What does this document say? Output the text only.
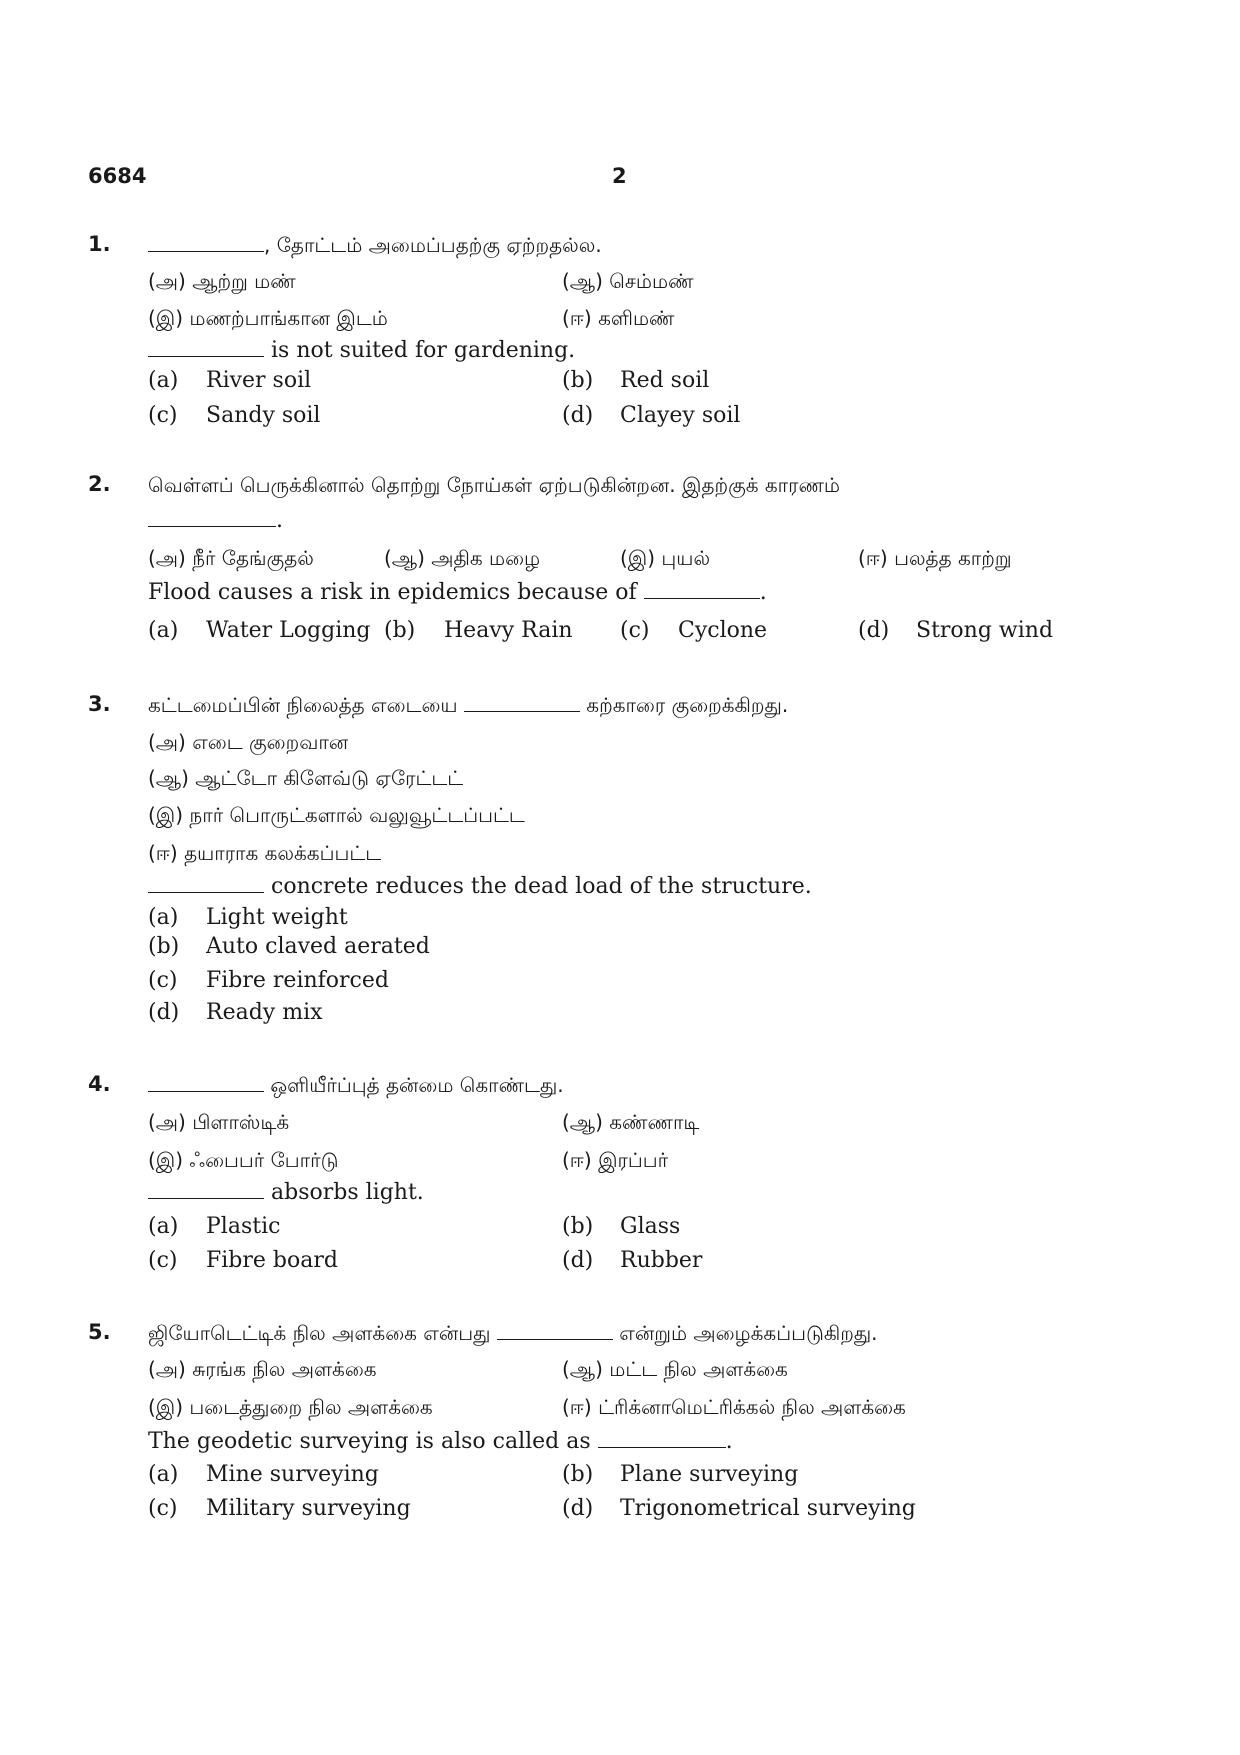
6684	2
1.	, தோட்டம் அமைப்பதற்கு ஏற்றதல்ல.
(அ) ஆற்று மண்	(ஆ) செம்மண்
(இ) மணற்பாங்கான இடம்	(ஈ) களிமண்
is not suited for gardening.
(a) River soil	(b) Red soil
(c) Sandy soil	(d) Clayey soil
2. வெள்ளப் பெருக்கினால் தொற்று நோய்கள் ஏற்படுகின்றன. இதற்குக் காரணம்
.
(அ) நீர் தேங்குதல்	(ஆ) அதிக மழை	(இ) புயல்	(ஈ) பலத்த காற்று
Flood causes a risk in epidemics because of	.
(a) Water Logging (b) Heavy Rain (c) Cyclone	(d) Strong wind
3. கட்டமைப்பின் நிலைத்த எடையை	கற்காரை குறைக்கிறது.
(அ) எடை குறைவான
(ஆ) ஆட்டோ கிளேவ்டு ஏரேட்டட்
(இ) நார் பொருட்களால் வலுவூட்டப்பட்ட
(ஈ) தயாராக கலக்கப்பட்ட
concrete reduces the dead load of the structure.
(a) Light weight
(b) Auto claved aerated
(c) Fibre reinforced
(d) Ready mix
4.	ஒளியீர்ப்புத் தன்மை கொண்டது.
(அ) பிளாஸ்டிக்	(ஆ) கண்ணாடி
(இ) ஃபைபர் போர்டு	(ஈ) இரப்பர்
absorbs light.
(a) Plastic	(b) Glass
(c) Fibre board	(d) Rubber
5. ஜியோடெட்டிக் நில அளக்கை என்பது	என்றும் அழைக்கப்படுகிறது.
(அ) சுரங்க நில அளக்கை	(ஆ) மட்ட நில அளக்கை
(இ) படைத்துறை நில அளக்கை	(ஈ) ட்ரிக்னாமெட்ரிக்கல் நில அளக்கை
The geodetic surveying is also called as	.
(a) Mine surveying	(b) Plane surveying
(c) Military surveying	(d) Trigonometrical surveying
